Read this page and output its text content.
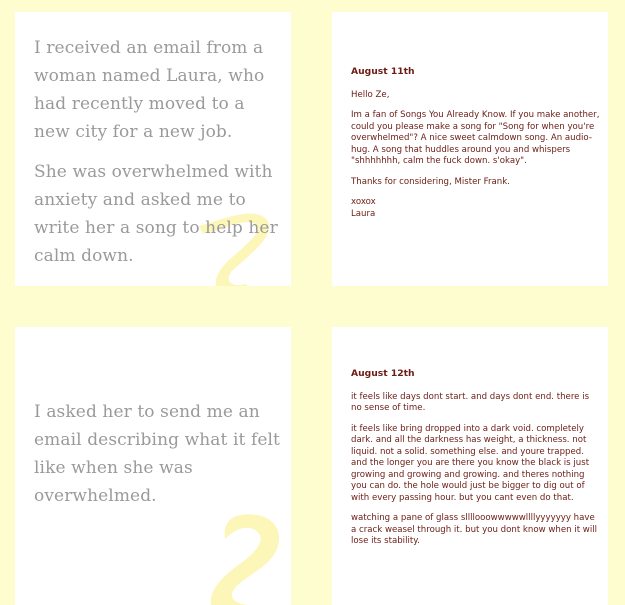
I received an email from a woman named Laura, who had recently moved to a new city for a new job.

She was overwhelmed with anxiety and asked me to write her a song to help her calm down.

August 11th

Hello Ze,

Im a fan of Songs You Already Know. If you make another, could you please make a song for "Song for when you're overwhelmed"? A nice sweet calmdown song. An audio-hug. A song that huddles around you and whispers "shhhhhhh, calm the fuck down. s'okay".

Thanks for considering, Mister Frank.

xoxox

Laura

I asked her to send me an email describing what it felt like when she was overwhelmed.

August 12th

it feels like days dont start. and days dont end. there is no sense of time.

it feels like bring dropped into a dark void. completely dark. and all the darkness has weight, a thickness. not liquid. not a solid. something else. and youre trapped. and the longer you are there you know the black is just growing and growing and growing. and theres nothing you can do. the hole would just be bigger to dig out of with every passing hour. but you cant even do that.

watching a pane of glass sllllooowwwwwllllyyyyyyy have a crack weasel through it. but you dont know when it will lose its stability.
